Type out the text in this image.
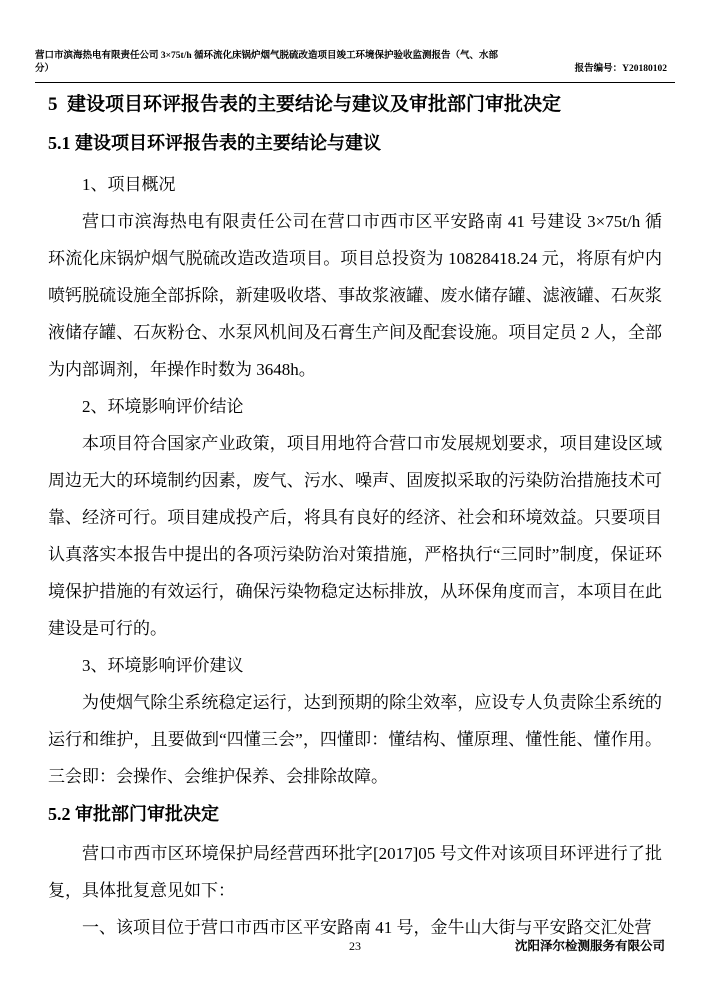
营口市滨海热电有限责任公司 3×75t/h 循环流化床锅炉烟气脱硫改造项目竣工环境保护验收监测报告（气、水部分）	报告编号：Y20180102
5  建设项目环评报告表的主要结论与建议及审批部门审批决定
5.1 建设项目环评报告表的主要结论与建议

1、项目概况

营口市滨海热电有限责任公司在营口市西市区平安路南 41 号建设 3×75t/h 循环流化床锅炉烟气脱硫改造改造项目。项目总投资为 10828418.24 元，将原有炉内喷钙脱硫设施全部拆除，新建吸收塔、事故浆液罐、废水储存罐、滤液罐、石灰浆液储存罐、石灰粉仓、水泵风机间及石膏生产间及配套设施。项目定员 2 人，全部为内部调剂，年操作时数为 3648h。

2、环境影响评价结论

本项目符合国家产业政策，项目用地符合营口市发展规划要求，项目建设区域周边无大的环境制约因素，废气、污水、噪声、固废拟采取的污染防治措施技术可靠、经济可行。项目建成投产后，将具有良好的经济、社会和环境效益。只要项目认真落实本报告中提出的各项污染防治对策措施，严格执行“三同时”制度，保证环境保护措施的有效运行，确保污染物稳定达标排放，从环保角度而言，本项目在此建设是可行的。

3、环境影响评价建议

为使烟气除尘系统稳定运行，达到预期的除尘效率，应设专人负责除尘系统的运行和维护，且要做到“四懂三会”，四懂即：懂结构、懂原理、懂性能、懂作用。三会即：会操作、会维护保养、会排除故障。

5.2 审批部门审批决定

营口市西市区环境保护局经营西环批字[2017]05 号文件对该项目环评进行了批复，具体批复意见如下：

一、该项目位于营口市西市区平安路南 41 号，金牛山大街与平安路交汇处营

23	沈阳泽尔检测服务有限公司
